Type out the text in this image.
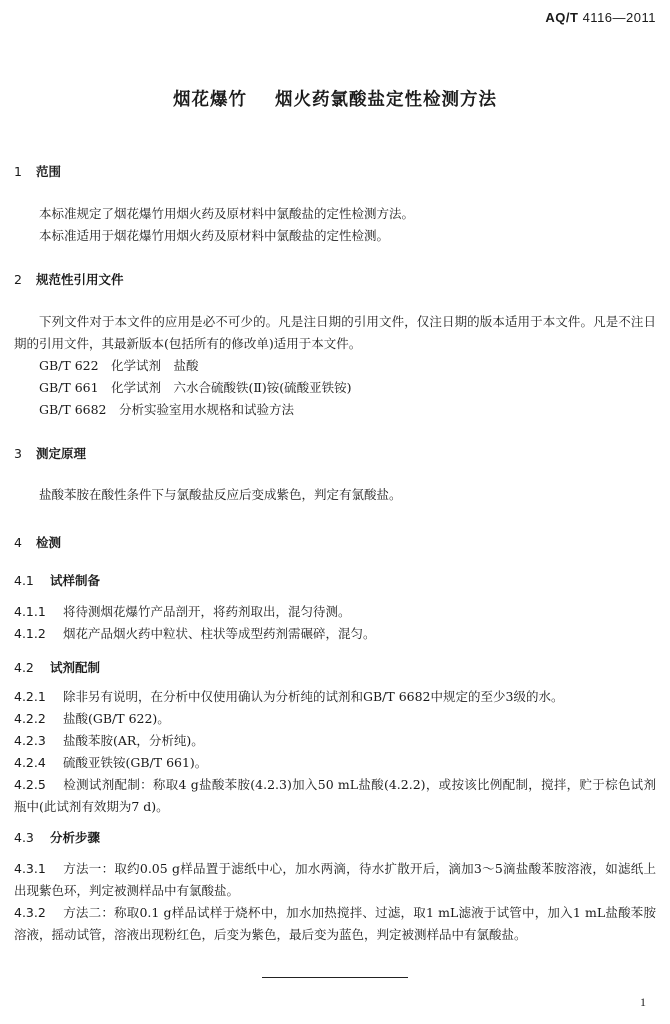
AQ/T 4116—2011
烟花爆竹 烟火药氯酸盐定性检测方法
1 范围
本标准规定了烟花爆竹用烟火药及原材料中氯酸盐的定性检测方法。
本标准适用于烟花爆竹用烟火药及原材料中氯酸盐的定性检测。
2 规范性引用文件
下列文件对于本文件的应用是必不可少的。凡是注日期的引用文件，仅注日期的版本适用于本文件。凡是不注日期的引用文件，其最新版本(包括所有的修改单)适用于本文件。
GB/T 622　化学试剂　盐酸
GB/T 661　化学试剂　六水合硫酸铁(Ⅱ)铵(硫酸亚铁铵)
GB/T 6682　分析实验室用水规格和试验方法
3 测定原理
盐酸苯胺在酸性条件下与氯酸盐反应后变成紫色，判定有氯酸盐。
4 检测
4.1 试样制备
4.1.1 将待测烟花爆竹产品剖开，将药剂取出，混匀待测。
4.1.2 烟花产品烟火药中粒状、柱状等成型药剂需碾碎，混匀。
4.2 试剂配制
4.2.1 除非另有说明，在分析中仅使用确认为分析纯的试剂和GB/T 6682中规定的至少3级的水。
4.2.2 盐酸(GB/T 622)。
4.2.3 盐酸苯胺(AR，分析纯)。
4.2.4 硫酸亚铁铵(GB/T 661)。
4.2.5 检测试剂配制：称取4 g盐酸苯胺(4.2.3)加入50 mL盐酸(4.2.2)，或按该比例配制，搅拌，贮于棕色试剂瓶中(此试剂有效期为7 d)。
4.3 分析步骤
4.3.1 方法一：取约0.05 g样品置于滤纸中心，加水两滴，待水扩散开后，滴加3～5滴盐酸苯胺溶液，如滤纸上出现紫色环，判定被测样品中有氯酸盐。
4.3.2 方法二：称取0.1 g样品试样于烧杯中，加水加热搅拌、过滤，取1 mL滤液于试管中，加入1 mL盐酸苯胺溶液，摇动试管，溶液出现粉红色，后变为紫色，最后变为蓝色，判定被测样品中有氯酸盐。
1
